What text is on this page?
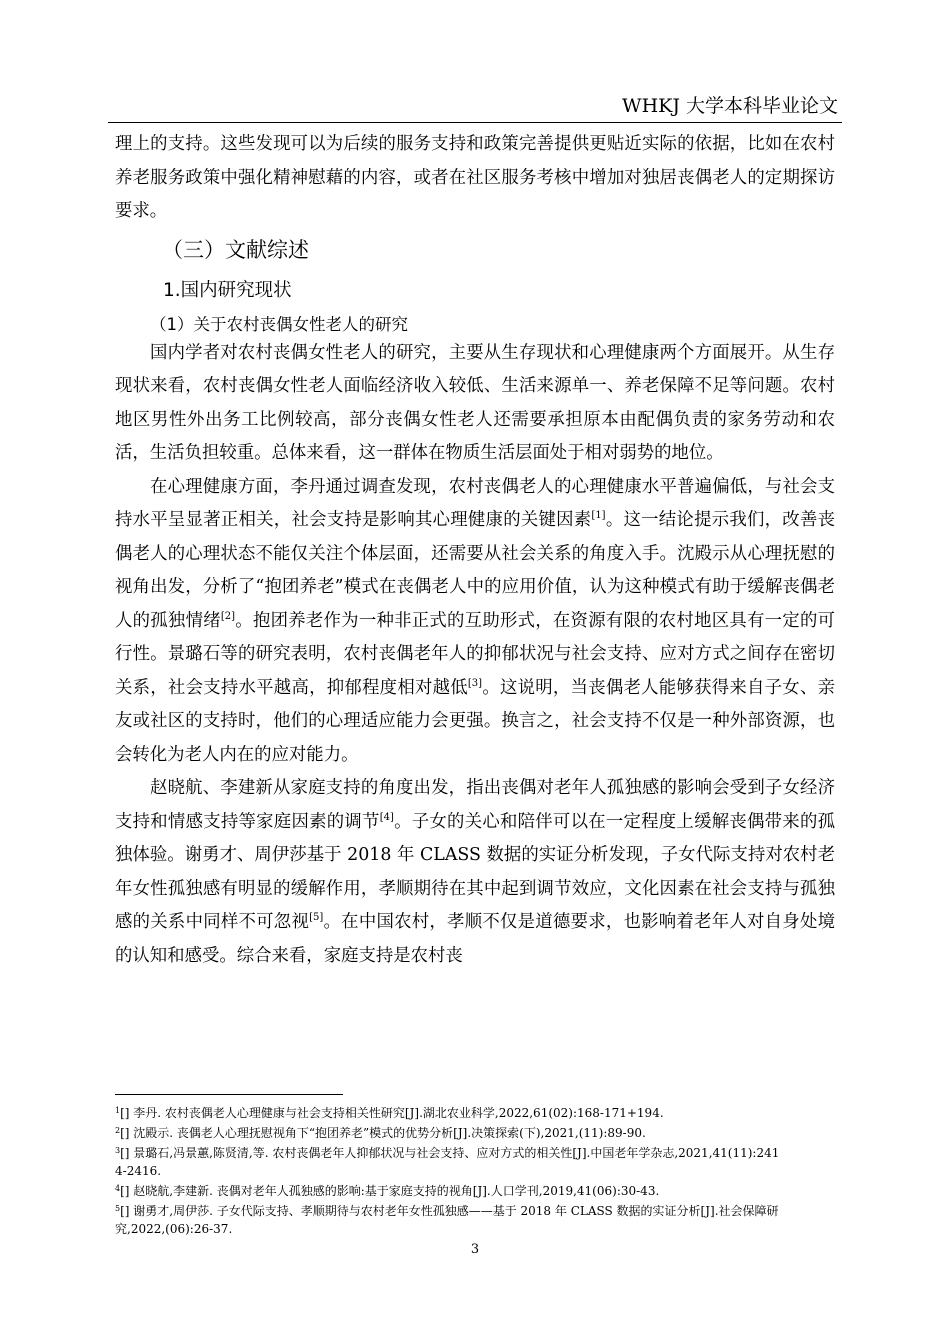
WHKJ 大学本科毕业论文

理上的支持。这些发现可以为后续的服务支持和政策完善提供更贴近实际的依据，比如在农村养老服务政策中强化精神慰藉的内容，或者在社区服务考核中增加对独居丧偶老人的定期探访要求。

（三）文献综述

1.国内研究现状

（1）关于农村丧偶女性老人的研究

国内学者对农村丧偶女性老人的研究，主要从生存现状和心理健康两个方面展开。从生存现状来看，农村丧偶女性老人面临经济收入较低、生活来源单一、养老保障不足等问题。农村地区男性外出务工比例较高，部分丧偶女性老人还需要承担原本由配偶负责的家务劳动和农活，生活负担较重。总体来看，这一群体在物质生活层面处于相对弱势的地位。

在心理健康方面，李丹通过调查发现，农村丧偶老人的心理健康水平普遍偏低，与社会支持水平呈显著正相关，社会支持是影响其心理健康的关键因素[1]。这一结论提示我们，改善丧偶老人的心理状态不能仅关注个体层面，还需要从社会关系的角度入手。沈殿示从心理抚慰的视角出发，分析了“抱团养老”模式在丧偶老人中的应用价值，认为这种模式有助于缓解丧偶老人的孤独情绪[2]。抱团养老作为一种非正式的互助形式，在资源有限的农村地区具有一定的可行性。景璐石等的研究表明，农村丧偶老年人的抑郁状况与社会支持、应对方式之间存在密切关系，社会支持水平越高，抑郁程度相对越低[3]。这说明，当丧偶老人能够获得来自子女、亲友或社区的支持时，他们的心理适应能力会更强。换言之，社会支持不仅是一种外部资源，也会转化为老人内在的应对能力。

赵晓航、李建新从家庭支持的角度出发，指出丧偶对老年人孤独感的影响会受到子女经济支持和情感支持等家庭因素的调节[4]。子女的关心和陪伴可以在一定程度上缓解丧偶带来的孤独体验。谢勇才、周伊莎基于 2018 年 CLASS 数据的实证分析发现，子女代际支持对农村老年女性孤独感有明显的缓解作用，孝顺期待在其中起到调节效应，文化因素在社会支持与孤独感的关系中同样不可忽视[5]。在中国农村，孝顺不仅是道德要求，也影响着老年人对自身处境的认知和感受。综合来看，家庭支持是农村丧

$^1$[] 李丹. 农村丧偶老人心理健康与社会支持相关性研究[J].湖北农业科学,2022,61(02):168-171+194.

$^2$[] 沈殿示. 丧偶老人心理抚慰视角下“抱团养老”模式的优势分析[J].决策探索(下),2021,(11):89-90.

$^3$[] 景璐石,冯景蕙,陈贤清,等. 农村丧偶老年人抑郁状况与社会支持、应对方式的相关性[J].中国老年学杂志,2021,41(11):2414-2416.

$^4$[] 赵晓航,李建新. 丧偶对老年人孤独感的影响:基于家庭支持的视角[J].人口学刊,2019,41(06):30-43.

$^5$[] 谢勇才,周伊莎. 子女代际支持、孝顺期待与农村老年女性孤独感——基于 2018 年 CLASS 数据的实证分析[J].社会保障研究,2022,(06):26-37.

3
